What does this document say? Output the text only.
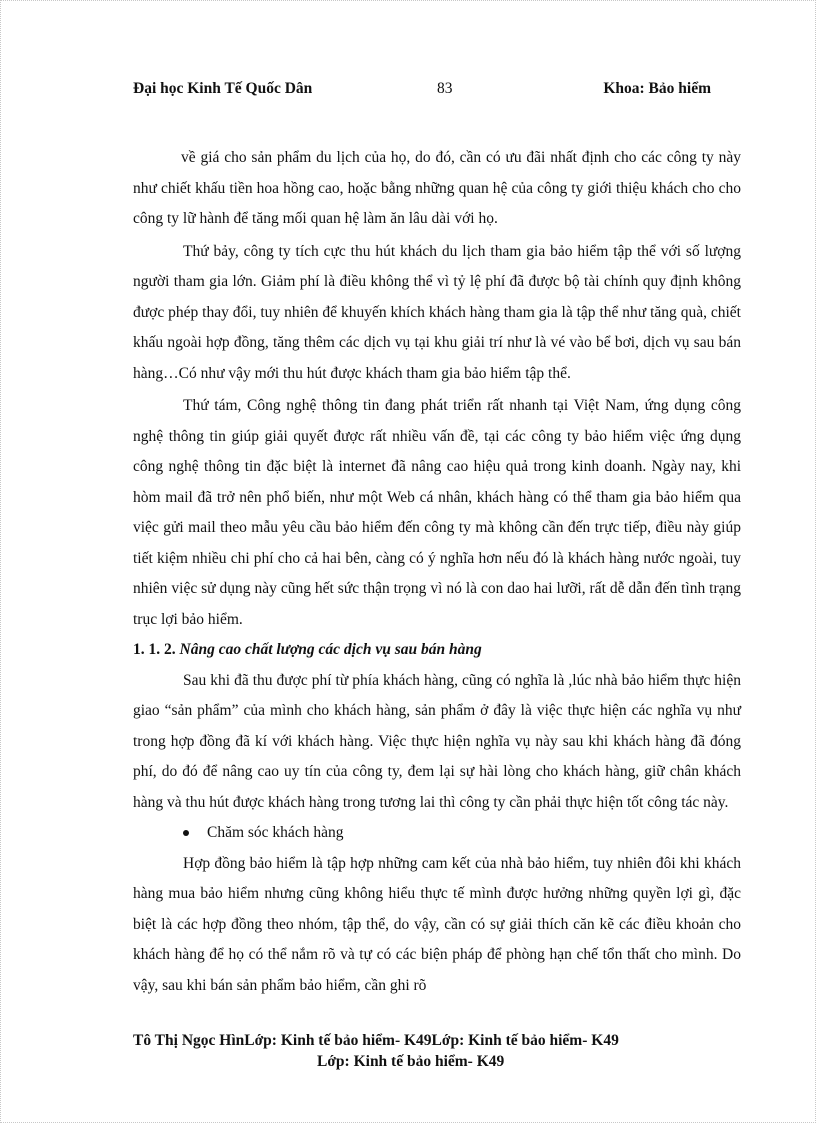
Đại học Kinh Tế Quốc Dân	83	Khoa: Bảo hiểm

về giá cho sản phẩm du lịch của họ, do đó, cần có ưu đãi nhất định cho các công ty này như chiết khấu tiền hoa hồng cao, hoặc bằng những quan hệ của công ty giới thiệu khách cho cho công ty lữ hành để tăng mối quan hệ làm ăn lâu dài với họ.

Thứ bảy, công ty tích cực thu hút khách du lịch tham gia bảo hiểm tập thể với số lượng người tham gia lớn. Giảm phí là điều không thể vì tỷ lệ phí đã được bộ tài chính quy định không được phép thay đổi, tuy nhiên để khuyến khích khách hàng tham gia là tập thể như tăng quà, chiết khấu ngoài hợp đồng, tăng thêm các dịch vụ tại khu giải trí như là vé vào bể bơi, dịch vụ sau bán hàng…Có như vậy mới thu hút được khách tham gia bảo hiểm tập thể.

Thứ tám, Công nghệ thông tin đang phát triển rất nhanh tại Việt Nam, ứng dụng công nghệ thông tin giúp giải quyết được rất nhiều vấn đề, tại các công ty bảo hiểm việc ứng dụng công nghệ thông tin đặc biệt là internet đã nâng cao hiệu quả trong kinh doanh. Ngày nay, khi hòm mail đã trở nên phổ biến, như một Web cá nhân, khách hàng có thể tham gia bảo hiểm qua việc gửi mail theo mẫu yêu cầu bảo hiểm đến công ty mà không cần đến trực tiếp, điều này giúp tiết kiệm nhiều chi phí cho cả hai bên, càng có ý nghĩa hơn nếu đó là khách hàng nước ngoài, tuy nhiên việc sử dụng này cũng hết sức thận trọng vì nó là con dao hai lưỡi, rất dễ dẫn đến tình trạng trục lợi bảo hiểm.

1. 1. 2. Nâng cao chất lượng các dịch vụ sau bán hàng

Sau khi đã thu được phí từ phía khách hàng, cũng có nghĩa là ,lúc nhà bảo hiểm thực hiện giao “sản phẩm” của mình cho khách hàng, sản phẩm ở đây là việc thực hiện các nghĩa vụ như trong hợp đồng đã kí với khách hàng. Việc thực hiện nghĩa vụ này sau khi khách hàng đã đóng phí, do đó để nâng cao uy tín của công ty, đem lại sự hài lòng cho khách hàng, giữ chân khách hàng và thu hút được khách hàng trong tương lai thì công ty cần phải thực hiện tốt công tác này.

Chăm sóc khách hàng

Hợp đồng bảo hiểm là tập hợp những cam kết của nhà bảo hiểm, tuy nhiên đôi khi khách hàng mua bảo hiểm nhưng cũng không hiểu thực tế mình được hưởng những quyền lợi gì, đặc biệt là các hợp đồng theo nhóm, tập thể, do vậy, cần có sự giải thích căn kẽ các điều khoản cho khách hàng để họ có thể nắm rõ và tự có các biện pháp để phòng hạn chế tổn thất cho mình. Do vậy, sau khi bán sản phẩm bảo hiểm, cần ghi rõ

Tô Thị Ngọc HìnLớp: Kinh tế bảo hiểm- K49Lớp: Kinh tế bảo hiểm- K49
Lớp: Kinh tế bảo hiểm- K49
